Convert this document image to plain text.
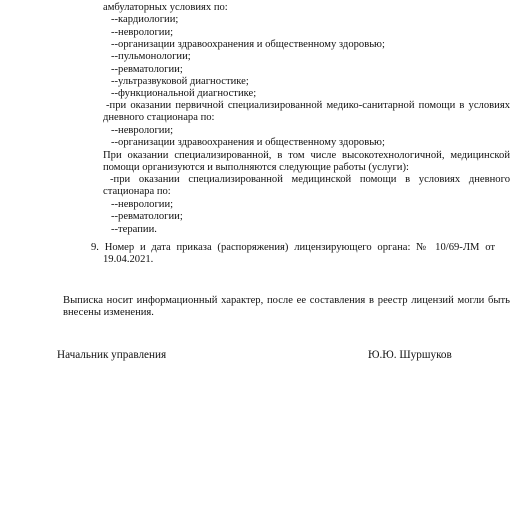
амбулаторных условиях по:
--кардиологии;
--неврологии;
--организации здравоохранения и общественному здоровью;
--пульмонологии;
--ревматологии;
--ультразвуковой диагностике;
--функциональной диагностике;
-при оказании первичной специализированной медико-санитарной помощи в условиях дневного стационара по:
--неврологии;
--организации здравоохранения и общественному здоровью;
При оказании специализированной, в том числе высокотехнологичной, медицинской помощи организуются и выполняются следующие работы (услуги):
-при оказании специализированной медицинской помощи в условиях дневного стационара по:
--неврологии;
--ревматологии;
--терапии.
9. Номер и дата приказа (распоряжения) лицензирующего органа: № 10/69-ЛМ от 19.04.2021.
Выписка носит информационный характер, после ее составления в реестр лицензий могли быть внесены изменения.
Начальник управления	Ю.Ю. Шуршуков
